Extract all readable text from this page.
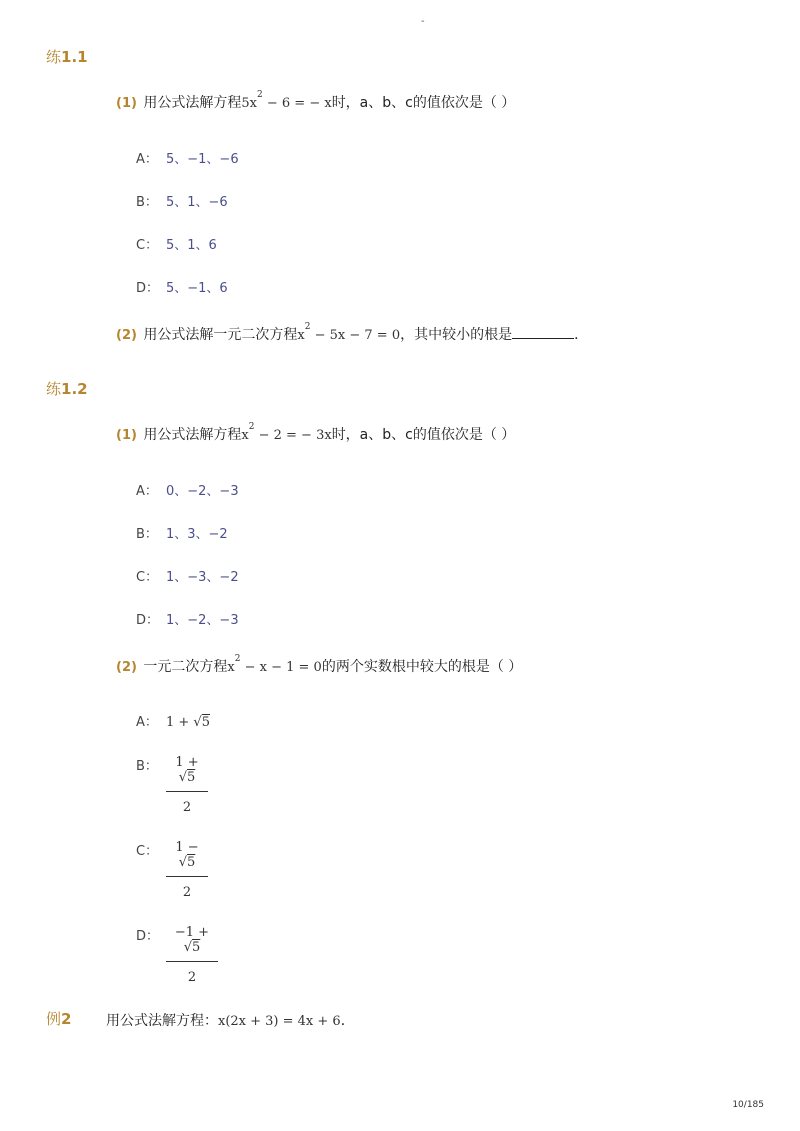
-
练1.1
(1) 用公式法解方程$5x^2 - 6$ = − x时，a、b、c的值依次是（ ）
A： 5、−1、−6
B： 5、1、−6
C： 5、1、6
D： 5、−1、6
(2) 用公式法解一元二次方程$x^2 - 5x - 7 = 0$，其中较小的根是	．
练1.2
(1) 用公式法解方程$x^2 - 2$ = − 3x时，a、b、c的值依次是（ ）
A： 0、−2、−3
B： 1、3、−2
C： 1、−3、−2
D： 1、−2、−3
(2) 一元二次方程$x^2 - x - 1 = 0$的两个实数根中较大的根是（ ）
A： 1 + √5
B：	1 + √5
2
C：	1 − √5
2
D：	−1 + √5
2
例2 用公式法解方程：x(2x + 3) = 4x + 6．
10/185
